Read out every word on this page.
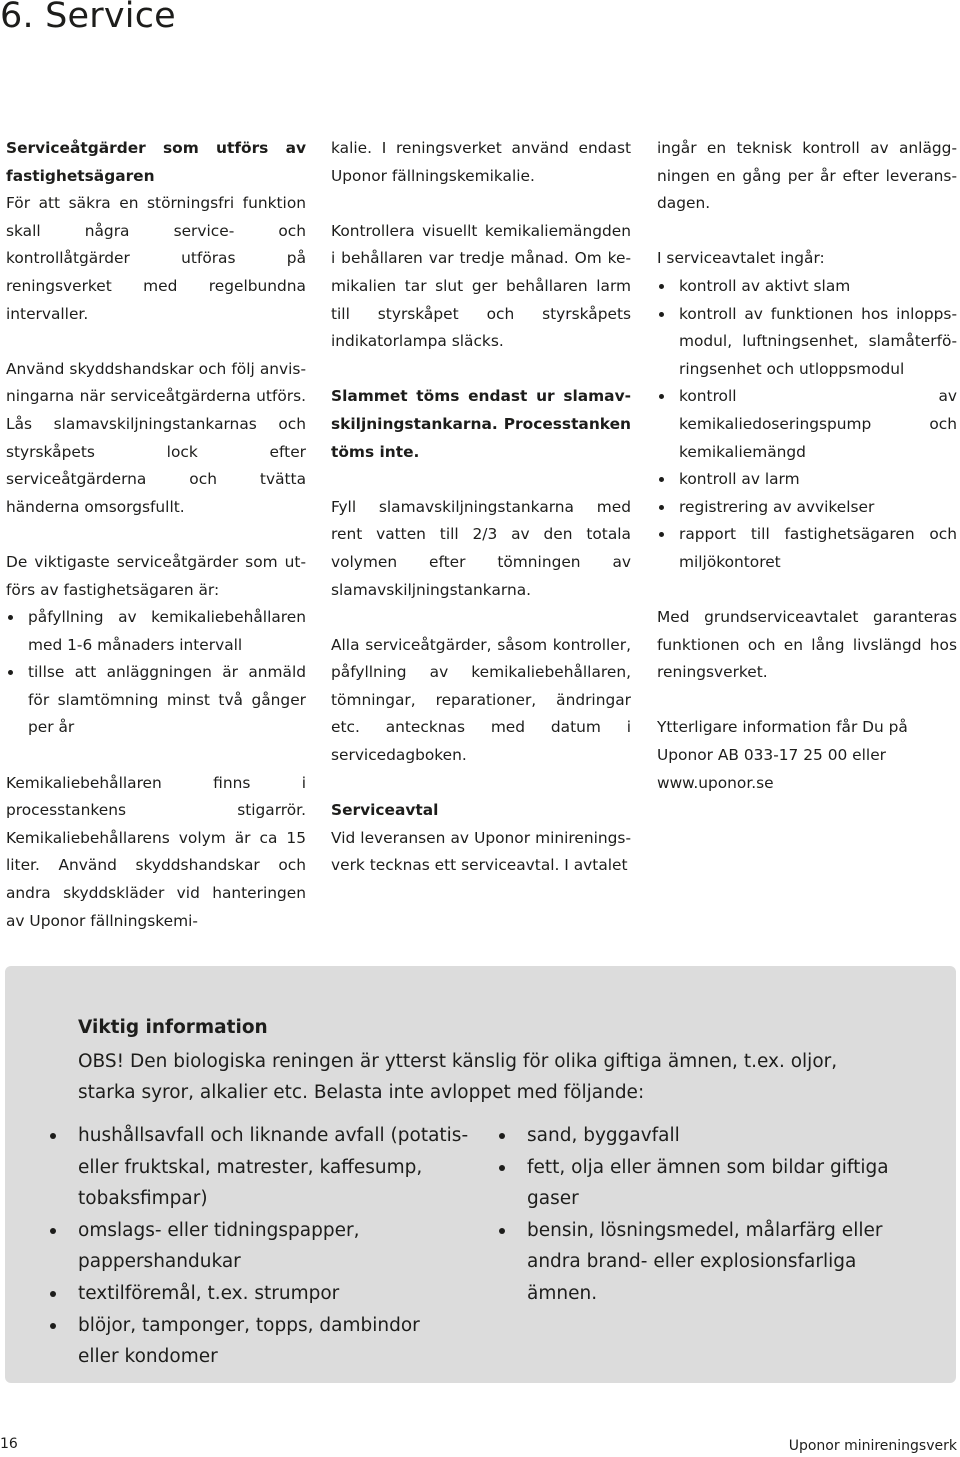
6. Service

Serviceåtgärder som utförs av fastighetsägaren

För att säkra en störningsfri funktion skall några service- och kontrollåtgärder utföras på reningsverket med regelbundna intervaller.

Använd skyddshandskar och följ anvisningarna när serviceåtgärderna utförs. Lås slamavskiljningstankarnas och styrskåpets lock efter serviceåtgärderna och tvätta händerna omsorgsfullt.

De viktigaste serviceåtgärder som utförs av fastighetsägaren är:

påfyllning av kemikaliebehållaren med 1-6 månaders intervall
tillse att anläggningen är anmäld för slamtömning minst två gånger per år

Kemikaliebehållaren finns i processtankens stigarrör. Kemikaliebehållarens volym är ca 15 liter. Använd skyddshandskar och andra skyddskläder vid hanteringen av Uponor fällningskemi-

kalie. I reningsverket använd endast Uponor fällningskemikalie.

Kontrollera visuellt kemikaliemängden i behållaren var tredje månad. Om kemikalien tar slut ger behållaren larm till styrskåpet och styrskåpets indikatorlampa släcks.

Slammet töms endast ur slamavskiljningstankarna. Processtanken töms inte.

Fyll slamavskiljningstankarna med rent vatten till 2/3 av den totala volymen efter tömningen av slamavskiljningstankarna.

Alla serviceåtgärder, såsom kontroller, påfyllning av kemikaliebehållaren, tömningar, reparationer, ändringar etc. antecknas med datum i servicedagboken.

Serviceavtal

Vid leveransen av Uponor minireningsverk tecknas ett serviceavtal. I avtalet

ingår en teknisk kontroll av anläggningen en gång per år efter leveransdagen.

I serviceavtalet ingår:

kontroll av aktivt slam
kontroll av funktionen hos inloppsmodul, luftningsenhet, slamåterföringsenhet och utloppsmodul
kontroll av kemikaliedoseringspump och kemikaliemängd
kontroll av larm
registrering av avvikelser
rapport till fastighetsägaren och miljökontoret

Med grundserviceavtalet garanteras funktionen och en lång livslängd hos reningsverket.

Ytterligare information får Du på
Uponor AB 033-17 25 00 eller
www.uponor.se

Viktig information

OBS! Den biologiska reningen är ytterst känslig för olika giftiga ämnen, t.ex. oljor, starka syror, alkalier etc. Belasta inte avloppet med följande:

hushållsavfall och liknande avfall (potatis- eller fruktskal, matrester, kaffesump, tobaksfimpar)
omslags- eller tidningspapper, pappershandukar
textilföremål, t.ex. strumpor
blöjor, tamponger, topps, dambindor eller kondomer
sand, byggavfall
fett, olja eller ämnen som bildar giftiga gaser
bensin, lösningsmedel, målarfärg eller andra brand- eller explosionsfarliga ämnen.
16	Uponor minireningsverk
